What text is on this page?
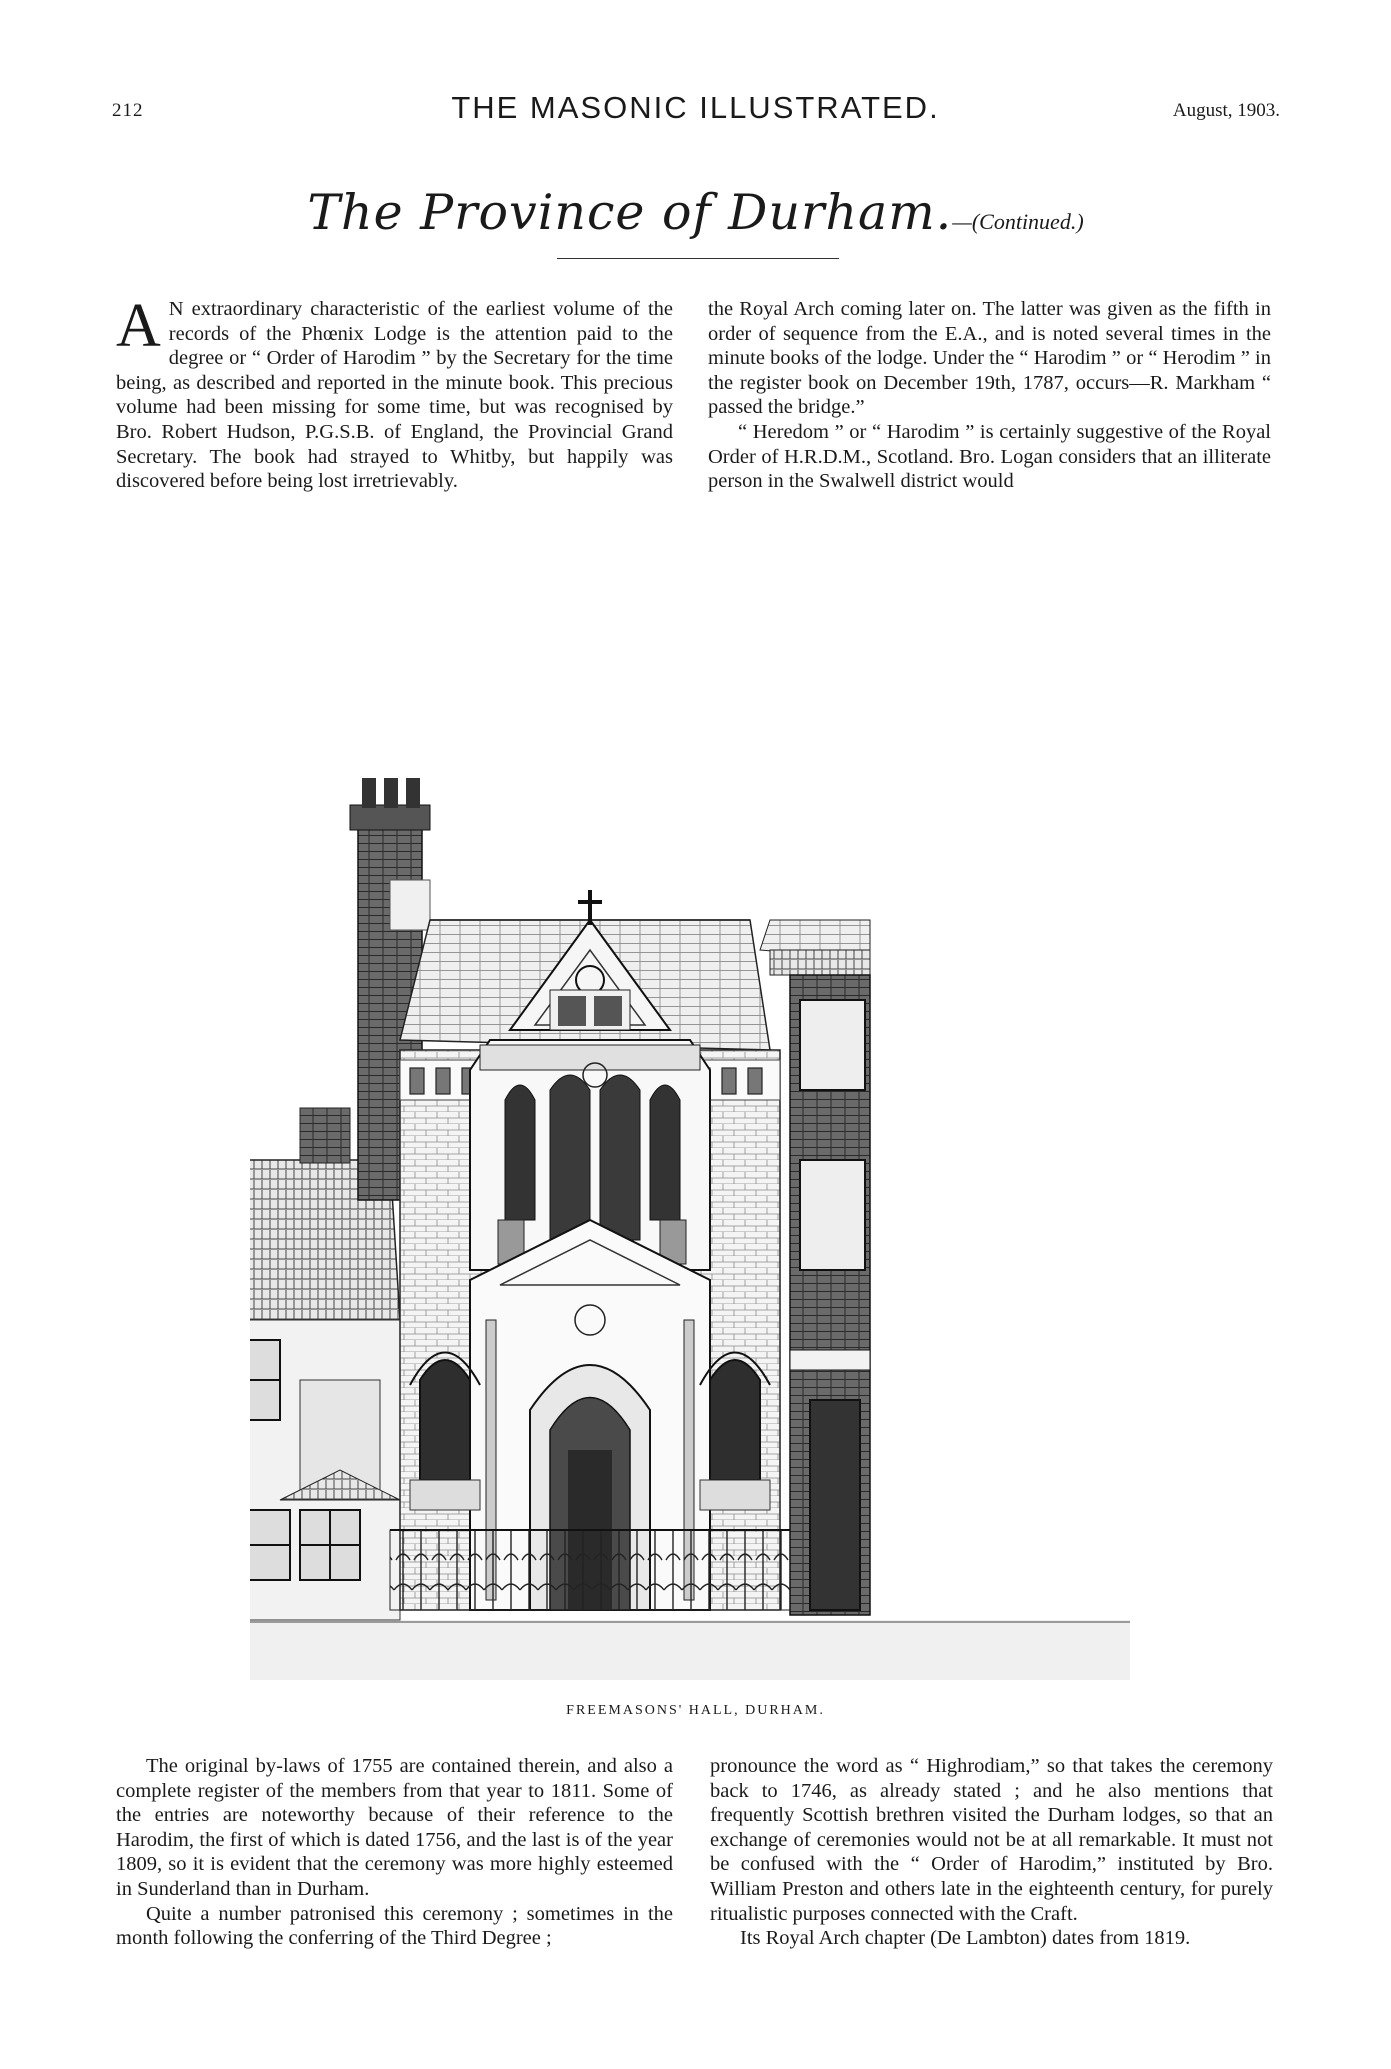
212	THE MASONIC ILLUSTRATED.	August, 1903.
The Province of Durham.—(Continued.)

A N extraordinary characteristic of the earliest volume of the records of the Phœnix Lodge is the attention paid to the degree or “ Order of Harodim ” by the Secretary for the time being, as described and reported in the minute book. This precious volume had been missing for some time, but was recognised by Bro. Robert Hudson, P.G.S.B. of England, the Provincial Grand Secretary. The book had strayed to Whitby, but happily was discovered before being lost irretrievably.

the Royal Arch coming later on. The latter was given as the fifth in order of sequence from the E.A., and is noted several times in the minute books of the lodge. Under the “ Harodim ” or “ Herodim ” in the register book on December 19th, 1787, occurs—R. Markham “ passed the bridge.”

“ Heredom ” or “ Harodim ” is certainly suggestive of the Royal Order of H.R.D.M., Scotland. Bro. Logan considers that an illiterate person in the Swalwell district would

FREEMASONS' HALL, DURHAM.

The original by-laws of 1755 are contained therein, and also a complete register of the members from that year to 1811. Some of the entries are noteworthy because of their reference to the Harodim, the first of which is dated 1756, and the last is of the year 1809, so it is evident that the ceremony was more highly esteemed in Sunderland than in Durham.

Quite a number patronised this ceremony ; sometimes in the month following the conferring of the Third Degree ;

pronounce the word as “ Highrodiam,” so that takes the ceremony back to 1746, as already stated ; and he also mentions that frequently Scottish brethren visited the Durham lodges, so that an exchange of ceremonies would not be at all remarkable. It must not be confused with the “ Order of Harodim,” instituted by Bro. William Preston and others late in the eighteenth century, for purely ritualistic purposes connected with the Craft.

Its Royal Arch chapter (De Lambton) dates from 1819.
